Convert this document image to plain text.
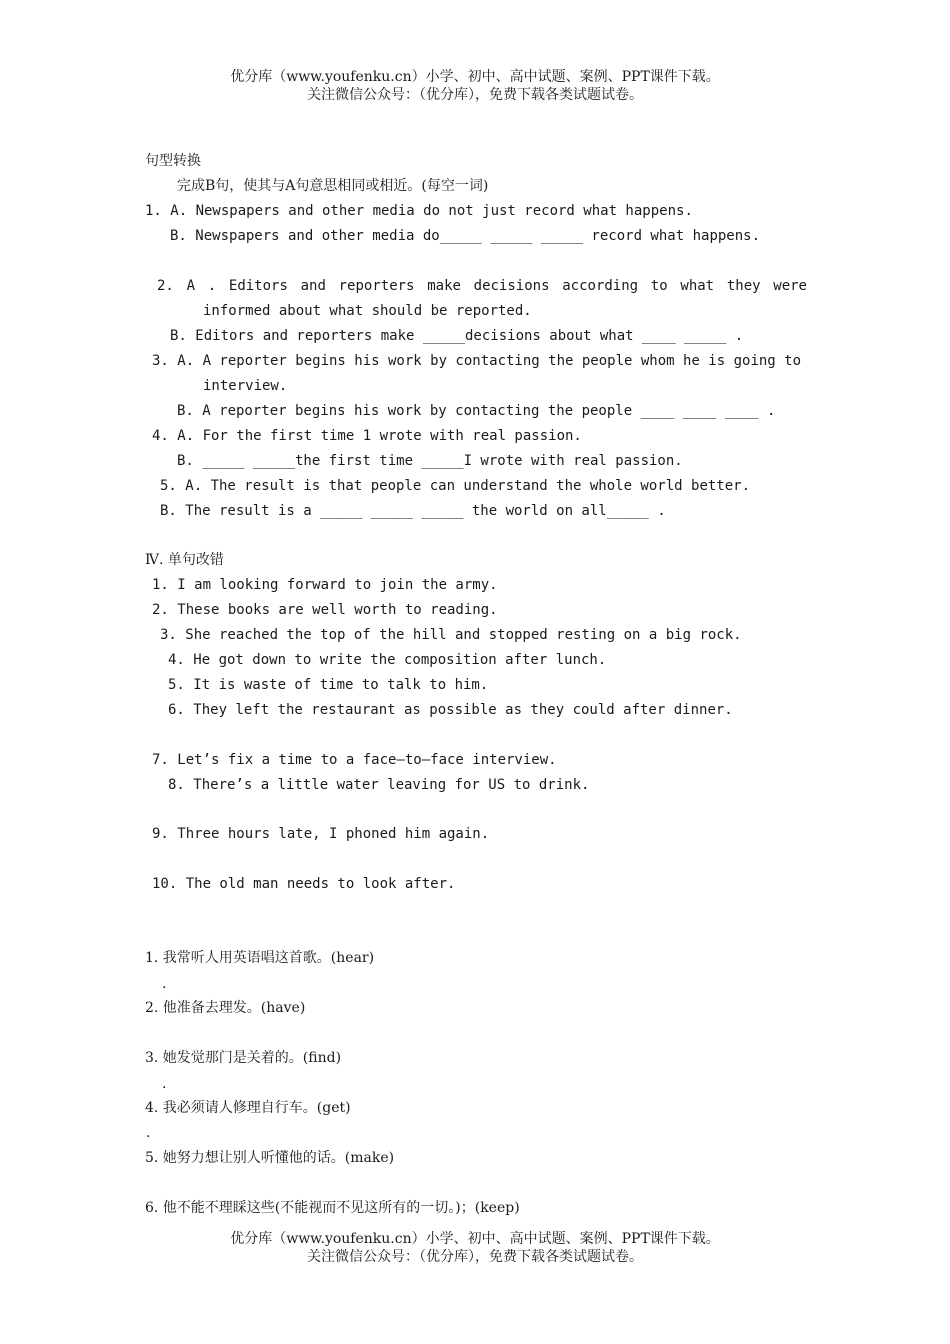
优分库（www.youfenku.cn）小学、初中、高中试题、案例、PPT课件下载。
关注微信公众号：（优分库），免费下载各类试题试卷。
句型转换
完成B句，使其与A句意思相同或相近。(每空一词)
1. A. Newspapers and other media do not just record what happens.
B. Newspapers and other media do_____ _____ _____ record what happens.
2. A . Editors and reporters make decisions according to what they were
informed about what should be reported.
B. Editors and reporters make _____decisions about what ____ _____ .
3. A. A reporter begins his work by contacting the people whom he is going to
interview.
B. A reporter begins his work by contacting the people ____ ____ ____ .
4. A. For the first time 1 wrote with real passion.
B. _____ _____the first time _____I wrote with real passion.
5. A. The result is that people can understand the whole world better.
B. The result is a _____ _____ _____ the world on all_____ .
Ⅳ. 单句改错
1. I am looking forward to join the army.
2. These books are well worth to reading.
3. She reached the top of the hill and stopped resting on a big rock.
4. He got down to write the composition after lunch.
5. It is waste of time to talk to him.
6. They left the restaurant as possible as they could after dinner.
7. Let’s fix a time to a face—to—face interview.
8. There’s a little water leaving for US to drink.
9. Three hours late, I phoned him again.
10. The old man needs to look after.
1. 我常听人用英语唱这首歌。(hear)
.
2. 他准备去理发。(have)
3. 她发觉那门是关着的。(find)
.
4. 我必须请人修理自行车。(get)
.
5. 她努力想让别人听懂他的话。(make)
6. 他不能不理睬这些(不能视而不见这所有的一切。)；(keep)
优分库（www.youfenku.cn）小学、初中、高中试题、案例、PPT课件下载。
关注微信公众号：（优分库），免费下载各类试题试卷。
